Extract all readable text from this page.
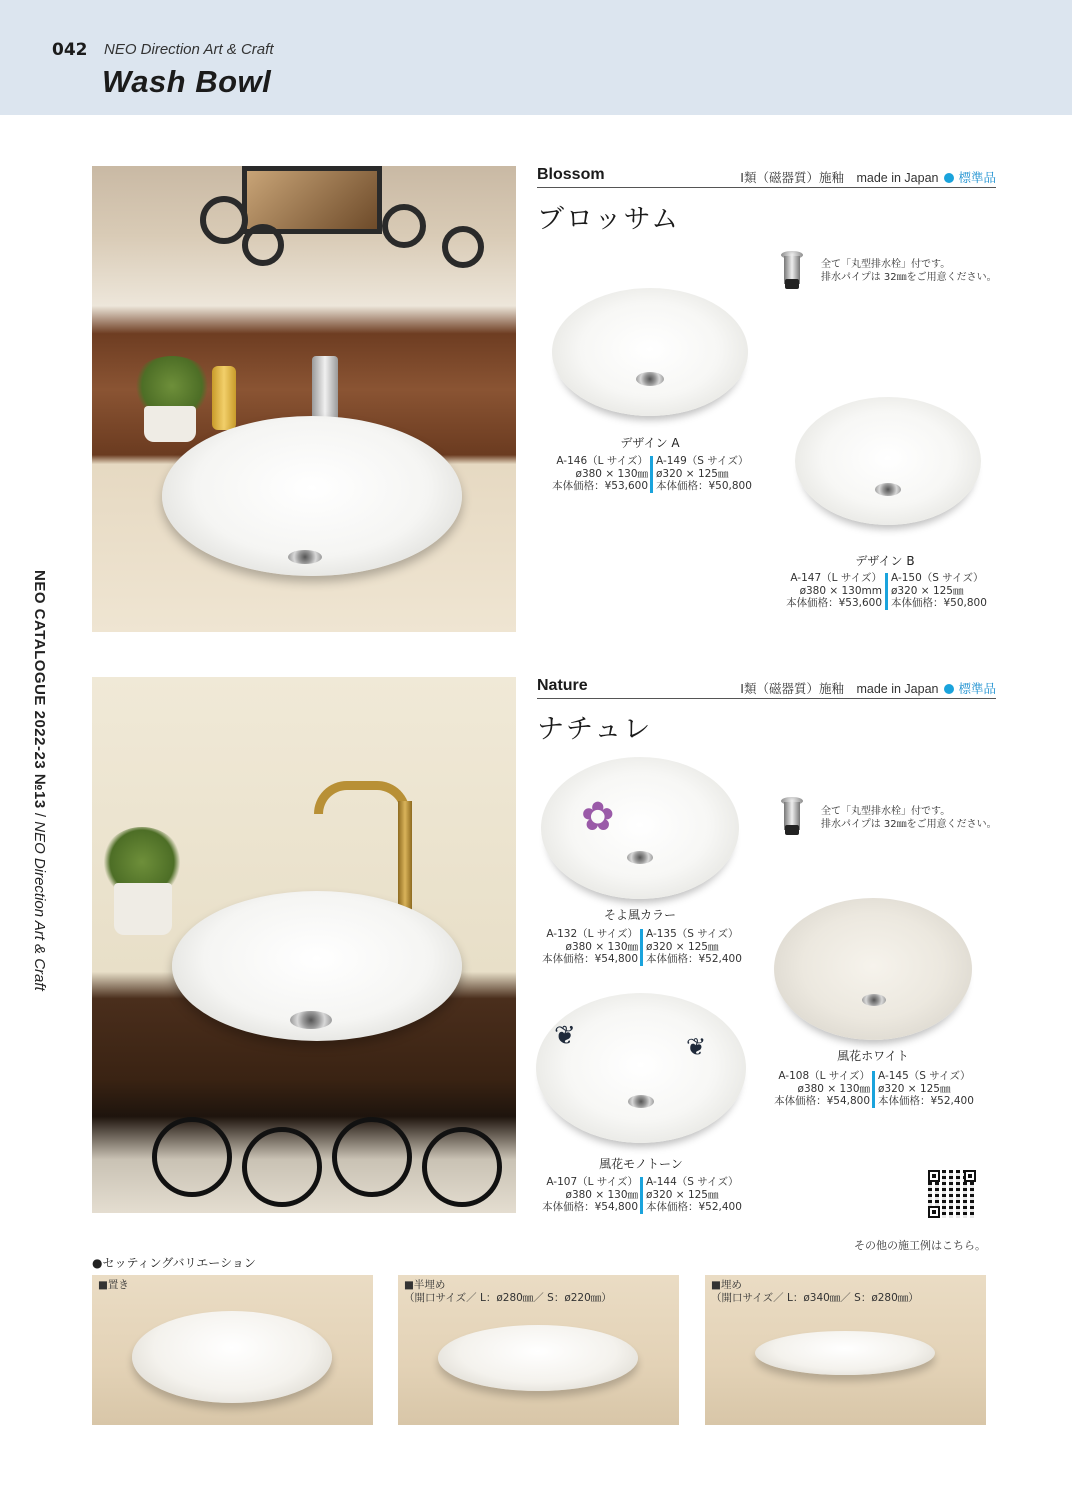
042 NEO Direction Art & Craft
Wash Bowl
NEO CATALOGUE 2022-23 №13 / NEO Direction Art & Craft
Blossom	Ⅰ類（磁器質）施釉　made in Japan 標準品
ブロッサム
全て「丸型排水栓」付です。
排水パイプは 32㎜をご用意ください。
デザイン A
A-146（L サイズ）
ø380 × 130㎜
本体価格：¥53,600
A-149（S サイズ）
ø320 × 125㎜
本体価格：¥50,800
デザイン B
A-147（L サイズ）
ø380 × 130mm
本体価格：¥53,600
A-150（S サイズ）
ø320 × 125㎜
本体価格：¥50,800
Nature	Ⅰ類（磁器質）施釉　made in Japan 標準品
ナチュレ
全て「丸型排水栓」付です。
排水パイプは 32㎜をご用意ください。
✿
そよ風カラー
A-132（L サイズ）
ø380 × 130㎜
本体価格：¥54,800
A-135（S サイズ）
ø320 × 125㎜
本体価格：¥52,400
風花ホワイト
A-108（L サイズ）
ø380 × 130㎜
本体価格：¥54,800
A-145（S サイズ）
ø320 × 125㎜
本体価格：¥52,400
❦	❦
風花モノトーン
A-107（L サイズ）
ø380 × 130㎜
本体価格：¥54,800
A-144（S サイズ）
ø320 × 125㎜
本体価格：¥52,400
その他の施工例はこちら。
●セッティングバリエーション
■置き	■半埋め
（開口サイズ／ L：ø280㎜／ S：ø220㎜）
■埋め
（開口サイズ／ L：ø340㎜／ S：ø280㎜）
